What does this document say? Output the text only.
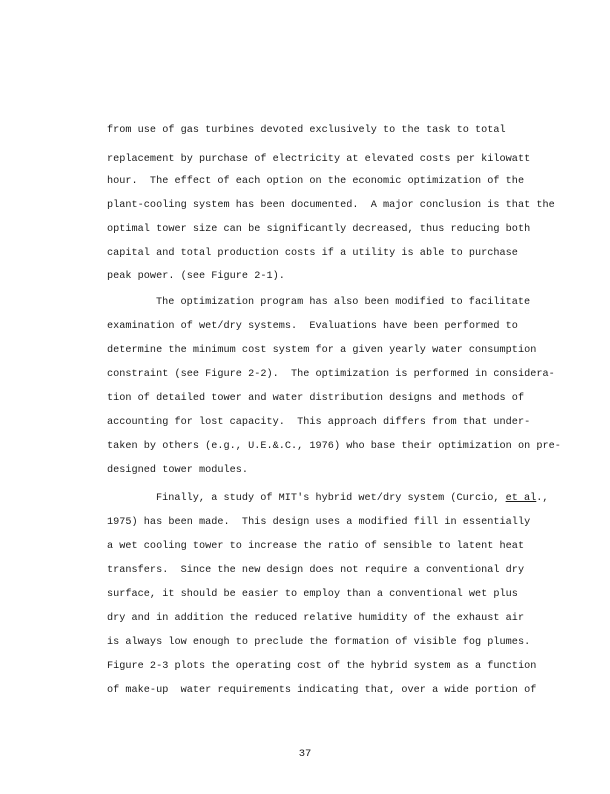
from use of gas turbines devoted exclusively to the task to total
replacement by purchase of electricity at elevated costs per kilowatt
hour.  The effect of each option on the economic optimization of the
plant-cooling system has been documented.  A major conclusion is that the
optimal tower size can be significantly decreased, thus reducing both
capital and total production costs if a utility is able to purchase
peak power. (see Figure 2-1).
The optimization program has also been modified to facilitate
examination of wet/dry systems.  Evaluations have been performed to
determine the minimum cost system for a given yearly water consumption
constraint (see Figure 2-2).  The optimization is performed in considera-
tion of detailed tower and water distribution designs and methods of
accounting for lost capacity.  This approach differs from that under-
taken by others (e.g., U.E.&.C., 1976) who base their optimization on pre-
designed tower modules.
Finally, a study of MIT's hybrid wet/dry system (Curcio, et al.,
1975) has been made.  This design uses a modified fill in essentially
a wet cooling tower to increase the ratio of sensible to latent heat
transfers.  Since the new design does not require a conventional dry
surface, it should be easier to employ than a conventional wet plus
dry and in addition the reduced relative humidity of the exhaust air
is always low enough to preclude the formation of visible fog plumes.
Figure 2-3 plots the operating cost of the hybrid system as a function
of make-up  water requirements indicating that, over a wide portion of
37
